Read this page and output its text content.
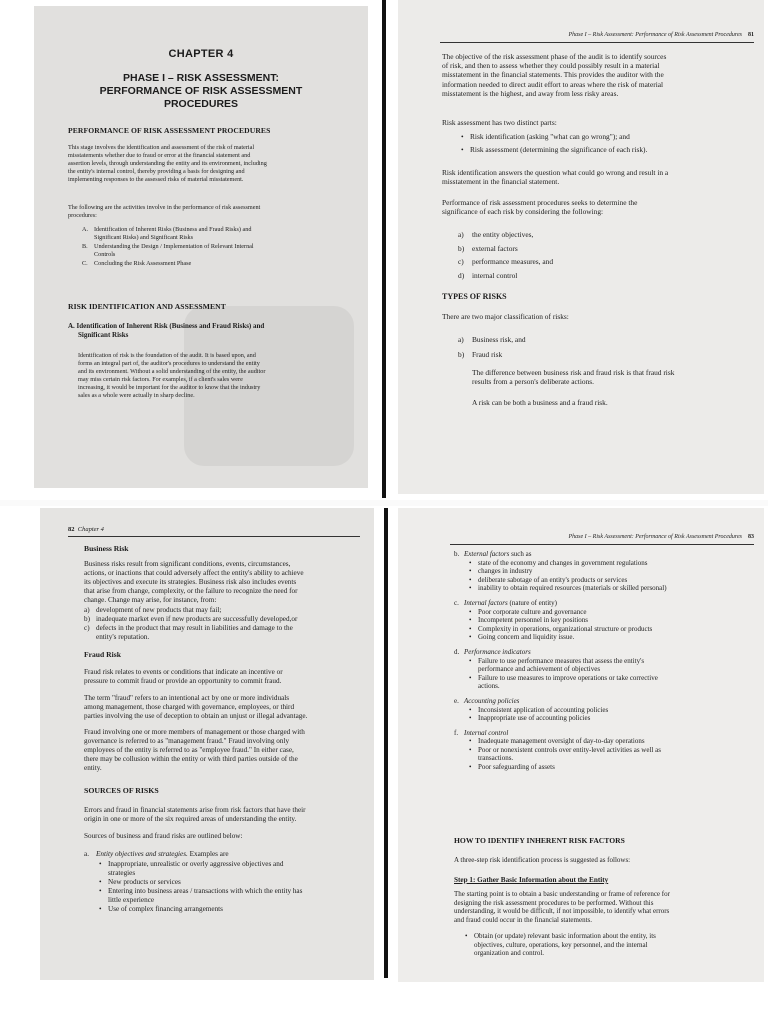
CHAPTER 4
PHASE I – RISK ASSESSMENT:
PERFORMANCE OF RISK ASSESSMENT
PROCEDURES
PERFORMANCE OF RISK ASSESSMENT PROCEDURES
This stage involves the identification and assessment of the risk of material
misstatements whether due to fraud or error at the financial statement and
assertion levels, through understanding the entity and its environment, including
the entity's internal control, thereby providing a basis for designing and
implementing responses to the assessed risks of material misstatement.
The following are the activities involve in the performance of risk assessment
procedures:
A. Identification of Inherent Risks (Business and Fraud Risks) and
Significant Risks) and Significant Risks
B.	Understanding the Design / Implementation of Relevant Internal
Controls
C.	Concluding the Risk Assessment Phase
RISK IDENTIFICATION AND ASSESSMENT
A. Identification of Inherent Risk (Business and Fraud Risks) and
Significant Risks
Identification of risk is the foundation of the audit. It is based upon, and
forms an integral part of, the auditor's procedures to understand the entity
and its environment. Without a solid understanding of the entity, the auditor
may miss certain risk factors. For examples, if a client's sales were
increasing, it would be important for the auditor to know that the industry
sales as a whole were actually in sharp decline.
Phase I – Risk Assessment: Performance of Risk Assessment Procedures 81
The objective of the risk assessment phase of the audit is to identify sources
of risk, and then to assess whether they could possibly result in a material
misstatement in the financial statements. This provides the auditor with the
information needed to direct audit effort to areas where the risk of material
misstatement is the highest, and away from less risky areas.
Risk assessment has two distinct parts:
• Risk identification (asking "what can go wrong"); and
• Risk assessment (determining the significance of each risk).
Risk identification answers the question what could go wrong and result in a
misstatement in the financial statement.
Performance of risk assessment procedures seeks to determine the
significance of each risk by considering the following:
a) the entity objectives,
b) external factors
c) performance measures, and
d) internal control
TYPES OF RISKS
There are two major classification of risks:
a) Business risk, and
b) Fraud risk
The difference between business risk and fraud risk is that fraud risk
results from a person's deliberate actions.
A risk can be both a business and a fraud risk.
82 Chapter 4
Business Risk
Business risks result from significant conditions, events, circumstances,
actions, or inactions that could adversely affect the entity's ability to achieve
its objectives and execute its strategies. Business risk also includes events
that arise from change, complexity, or the failure to recognize the need for
change. Change may arise, for instance, from:
a) development of new products that may fail;
b) inadequate market even if new products are successfully developed,or
c) defects in the product that may result in liabilities and damage to the
entity's reputation.
Fraud Risk
Fraud risk relates to events or conditions that indicate an incentive or
pressure to commit fraud or provide an opportunity to commit fraud.
The term "fraud" refers to an intentional act by one or more individuals
among management, those charged with governance, employees, or third
parties involving the use of deception to obtain an unjust or illegal advantage.
Fraud involving one or more members of management or those charged with
governance is referred to as "management fraud." Fraud involving only
employees of the entity is referred to as "employee fraud." In either case,
there may be collusion within the entity or with third parties outside of the
entity.
SOURCES OF RISKS
Errors and fraud in financial statements arise from risk factors that have their
origin in one or more of the six required areas of understanding the entity.
Sources of business and fraud risks are outlined below:
a. Entity objectives and strategies. Examples are
• Inappropriate, unrealistic or overly aggressive objectives and
strategies
• New products or services
• Entering into business areas / transactions with which the entity has
little experience
• Use of complex financing arrangements
Phase I – Risk Assessment: Performance of Risk Assessment Procedures 83
b. External factors such as
• state of the economy and changes in government regulations
• changes in industry
• deliberate sabotage of an entity's products or services
• inability to obtain required resources (materials or skilled personal)
c. Internal factors (nature of entity)
• Poor corporate culture and governance
• Incompetent personnel in key positions
• Complexity in operations, organizational structure or products
• Going concern and liquidity issue.
d. Performance indicators
• Failure to use performance measures that assess the entity's
performance and achievement of objectives
• Failure to use measures to improve operations or take corrective
actions.
e. Accounting policies
• Inconsistent application of accounting policies
• Inappropriate use of accounting policies
f. Internal control
• Inadequate management oversight of day-to-day operations
• Poor or nonexistent controls over entity-level activities as well as
transactions.
• Poor safeguarding of assets
HOW TO IDENTIFY INHERENT RISK FACTORS
A three-step risk identification process is suggested as follows:
Step 1: Gather Basic Information about the Entity
The starting point is to obtain a basic understanding or frame of reference for
designing the risk assessment procedures to be performed. Without this
understanding, it would be difficult, if not impossible, to identify what errors
and fraud could occur in the financial statements.
• Obtain (or update) relevant basic information about the entity, its
objectives, culture, operations, key personnel, and the internal
organization and control.
